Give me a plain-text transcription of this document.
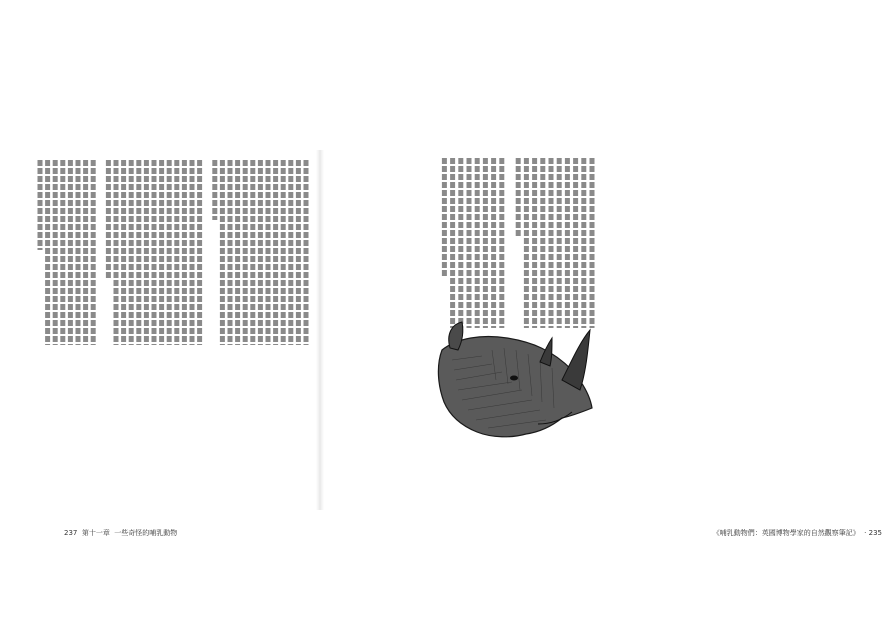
237 第十一章 一些奇怪的哺乳動物	《哺乳動物們：英國博物學家的自然觀察筆記》  · 235
